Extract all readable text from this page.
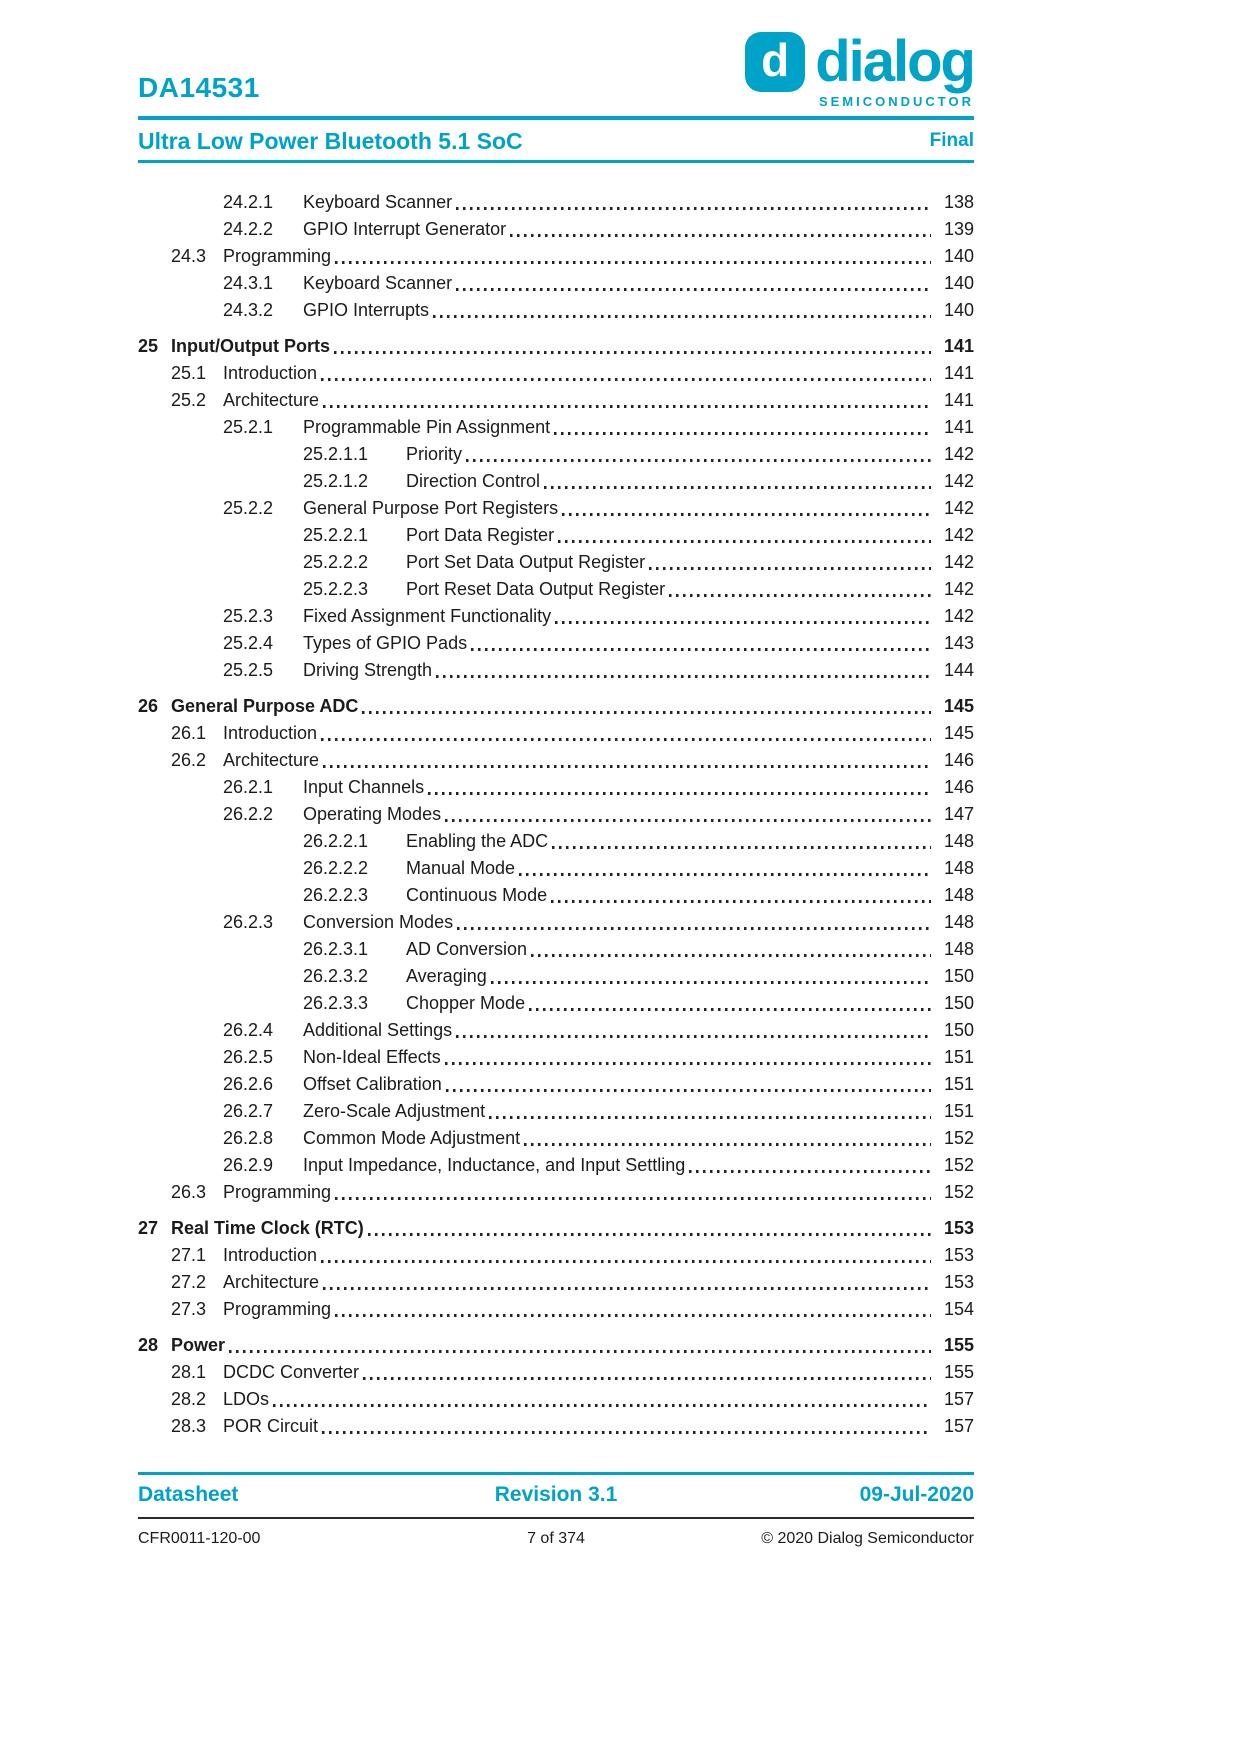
DA14531
d dialog
SEMICONDUCTOR
Ultra Low Power Bluetooth 5.1 SoC	Final
24.2.1	Keyboard Scanner	138
24.2.2	GPIO Interrupt Generator	139
24.3 Programming	140
24.3.1	Keyboard Scanner	140
24.3.2	GPIO Interrupts	140
25 Input/Output Ports	141
25.1 Introduction	141
25.2 Architecture	141
25.2.1	Programmable Pin Assignment	141
25.2.1.1	Priority	142
25.2.1.2	Direction Control	142
25.2.2	General Purpose Port Registers	142
25.2.2.1	Port Data Register	142
25.2.2.2	Port Set Data Output Register	142
25.2.2.3	Port Reset Data Output Register	142
25.2.3	Fixed Assignment Functionality	142
25.2.4	Types of GPIO Pads	143
25.2.5	Driving Strength	144
26 General Purpose ADC	145
26.1 Introduction	145
26.2 Architecture	146
26.2.1	Input Channels	146
26.2.2	Operating Modes	147
26.2.2.1	Enabling the ADC	148
26.2.2.2	Manual Mode	148
26.2.2.3	Continuous Mode	148
26.2.3	Conversion Modes	148
26.2.3.1	AD Conversion	148
26.2.3.2	Averaging	150
26.2.3.3	Chopper Mode	150
26.2.4	Additional Settings	150
26.2.5	Non-Ideal Effects	151
26.2.6	Offset Calibration	151
26.2.7	Zero-Scale Adjustment	151
26.2.8	Common Mode Adjustment	152
26.2.9	Input Impedance, Inductance, and Input Settling	152
26.3 Programming	152
27 Real Time Clock (RTC)	153
27.1 Introduction	153
27.2 Architecture	153
27.3 Programming	154
28 Power	155
28.1 DCDC Converter	155
28.2 LDOs	157
28.3 POR Circuit	157
Datasheet	Revision 3.1	09-Jul-2020
CFR0011-120-00	7 of 374	© 2020 Dialog Semiconductor
